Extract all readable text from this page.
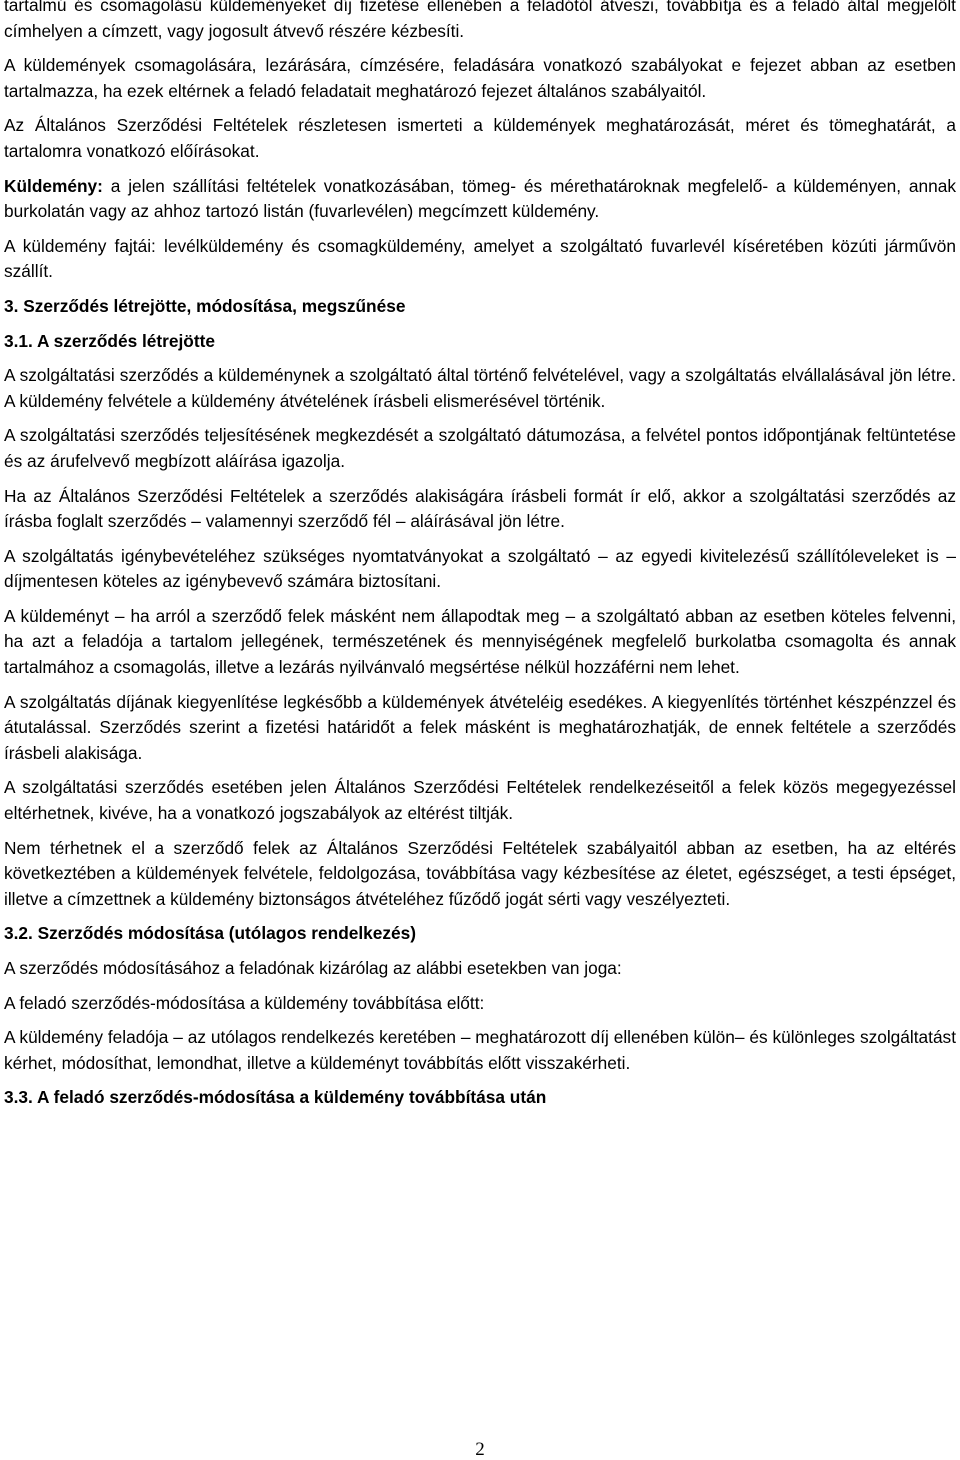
tartalmú és csomagolású küldeményeket díj fizetése ellenében a feladótól átveszi, továbbítja és a feladó által megjelölt címhelyen a címzett, vagy jogosult átvevő részére kézbesíti.

A küldemények csomagolására, lezárására, címzésére, feladására vonatkozó szabályokat e fejezet abban az esetben tartalmazza, ha ezek eltérnek a feladó feladatait meghatározó fejezet általános szabályaitól.

Az Általános Szerződési Feltételek részletesen ismerteti a küldemények meghatározását, méret és tömeghatárát, a tartalomra vonatkozó előírásokat.

Küldemény: a jelen szállítási feltételek vonatkozásában, tömeg- és mérethatároknak megfelelő- a küldeményen, annak burkolatán vagy az ahhoz tartozó listán (fuvarlevélen) megcímzett küldemény.

A küldemény fajtái: levélküldemény és csomagküldemény, amelyet a szolgáltató fuvarlevél kíséretében közúti járművön szállít.

3. Szerződés létrejötte, módosítása, megszűnése
3.1. A szerződés létrejötte

A szolgáltatási szerződés a küldeménynek a szolgáltató által történő felvételével, vagy a szolgáltatás elvállalásával jön létre. A küldemény felvétele a küldemény átvételének írásbeli elismerésével történik.

A szolgáltatási szerződés teljesítésének megkezdését a szolgáltató dátumozása, a felvétel pontos időpontjának feltüntetése és az árufelvevő megbízott aláírása igazolja.

Ha az Általános Szerződési Feltételek a szerződés alakiságára írásbeli formát ír elő, akkor a szolgáltatási szerződés az írásba foglalt szerződés – valamennyi szerződő fél – aláírásával jön létre.

A szolgáltatás igénybevételéhez szükséges nyomtatványokat a szolgáltató – az egyedi kivitelezésű szállítóleveleket is – díjmentesen köteles az igénybevevő számára biztosítani.

A küldeményt – ha arról a szerződő felek másként nem állapodtak meg – a szolgáltató abban az esetben köteles felvenni, ha azt a feladója a tartalom jellegének, természetének és mennyiségének megfelelő burkolatba csomagolta és annak tartalmához a csomagolás, illetve a lezárás nyilvánvaló megsértése nélkül hozzáférni nem lehet.

A szolgáltatás díjának kiegyenlítése legkésőbb a küldemények átvételéig esedékes. A kiegyenlítés történhet készpénzzel és átutalással. Szerződés szerint a fizetési határidőt a felek másként is meghatározhatják, de ennek feltétele a szerződés írásbeli alakisága.

A szolgáltatási szerződés esetében jelen Általános Szerződési Feltételek rendelkezéseitől a felek közös megegyezéssel eltérhetnek, kivéve, ha a vonatkozó jogszabályok az eltérést tiltják.

Nem térhetnek el a szerződő felek az Általános Szerződési Feltételek szabályaitól abban az esetben, ha az eltérés következtében a küldemények felvétele, feldolgozása, továbbítása vagy kézbesítése az életet, egészséget, a testi épséget, illetve a címzettnek a küldemény biztonságos átvételéhez fűződő jogát sérti vagy veszélyezteti.

3.2. Szerződés módosítása (utólagos rendelkezés)

A szerződés módosításához a feladónak kizárólag az alábbi esetekben van joga:

A feladó szerződés-módosítása a küldemény továbbítása előtt:

A küldemény feladója – az utólagos rendelkezés keretében – meghatározott díj ellenében külön– és különleges szolgáltatást kérhet, módosíthat, lemondhat, illetve a küldeményt továbbítás előtt visszakérheti.

3.3. A feladó szerződés-módosítása a küldemény továbbítása után
2
